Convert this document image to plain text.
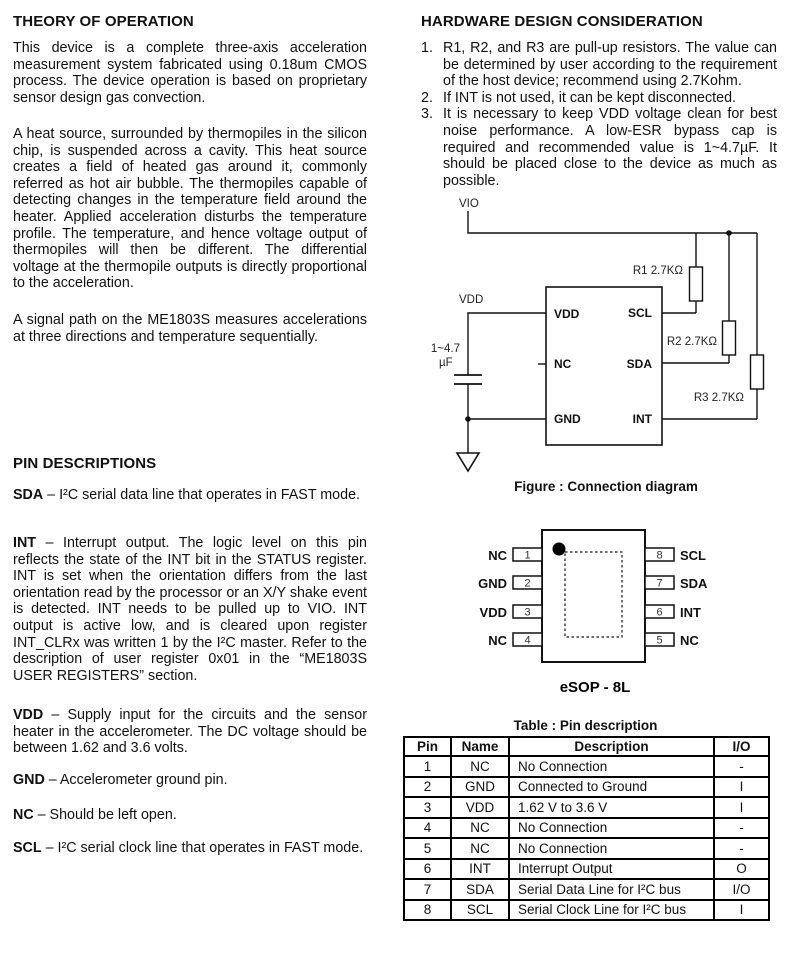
THEORY OF OPERATION

This device is a complete three-axis acceleration measurement system fabricated using 0.18um CMOS process. The device operation is based on proprietary sensor design gas convection.

A heat source, surrounded by thermopiles in the silicon chip, is suspended across a cavity. This heat source creates a field of heated gas around it, commonly referred as hot air bubble. The thermopiles capable of detecting changes in the temperature field around the heater. Applied acceleration disturbs the temperature profile. The temperature, and hence voltage output of thermopiles will then be different. The differential voltage at the thermopile outputs is directly proportional to the acceleration.

A signal path on the ME1803S measures accelerations at three directions and temperature sequentially.

PIN DESCRIPTIONS

SDA – I²C serial data line that operates in FAST mode.

INT – Interrupt output. The logic level on this pin reflects the state of the INT bit in the STATUS register. INT is set when the orientation differs from the last orientation read by the processor or an X/Y shake event is detected. INT needs to be pulled up to VIO. INT output is active low, and is cleared upon register INT_CLRx was written 1 by the I²C master. Refer to the description of user register 0x01 in the “ME1803S USER REGISTERS” section.

VDD – Supply input for the circuits and the sensor heater in the accelerometer. The DC voltage should be between 1.62 and 3.6 volts.

GND – Accelerometer ground pin.

NC – Should be left open.

SCL – I²C serial clock line that operates in FAST mode.

HARDWARE DESIGN CONSIDERATION
1. R1, R2, and R3 are pull-up resistors. The value can be determined by user according to the requirement of the host device; recommend using 2.7Kohm.
2. If INT is not used, it can be kept disconnected.
3. It is necessary to keep VDD voltage clean for best noise performance. A low-ESR bypass cap is required and recommended value is 1~4.7µF. It should be placed close to the device as much as possible.
VIO
R1 2.7KΩ
R2 2.7KΩ
R3 2.7KΩ
VDD
NC
GND
SCL
SDA
INT
VDD
1~4.7
µF
Figure : Connection diagram
1
2
3
4
8
7
6
5
NC
GND
VDD
NC
SCL
SDA
INT
NC
eSOP - 8L
Table : Pin description
Pin	Name	Description	I/O
1	NC	No Connection	-
2	GND	Connected to Ground	I
3	VDD	1.62 V to 3.6 V	I
4	NC	No Connection	-
5	NC	No Connection	-
6	INT	Interrupt Output	O
7	SDA	Serial Data Line for I²C bus	I/O
8	SCL	Serial Clock Line for I²C bus	I
